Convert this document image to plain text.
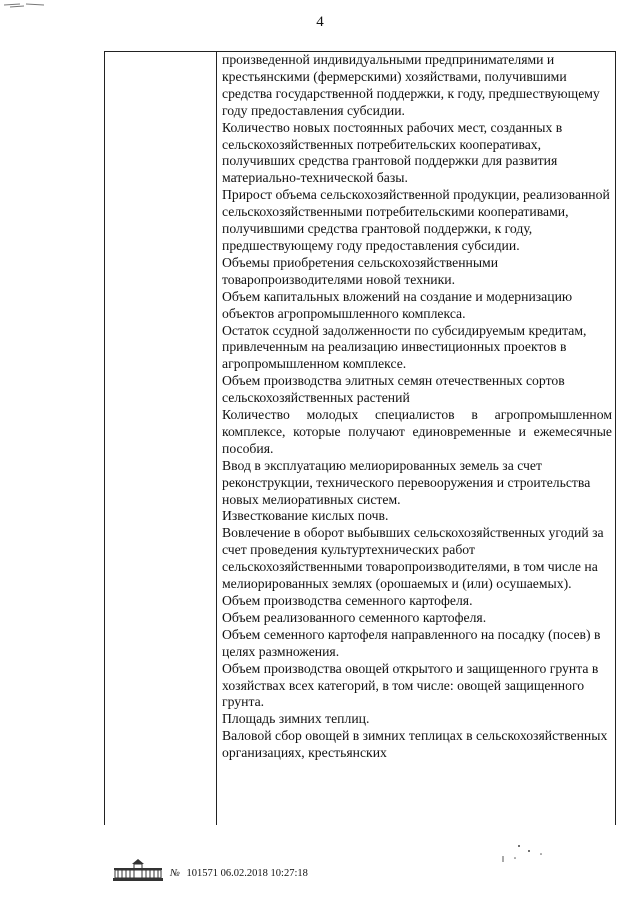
4

произведенной индивидуальными предпринимателями и крестьянскими (фермерскими) хозяйствами, получившими средства государственной поддержки, к году, предшествующему году предоставления субсидии.

Количество новых постоянных рабочих мест, созданных в сельскохозяйственных потребительских кооперативах, получивших средства грантовой поддержки для развития материально-технической базы.

Прирост объема сельскохозяйственной продукции, реализованной сельскохозяйственными потребительскими кооперативами, получившими средства грантовой поддержки, к году, предшествующему году предоставления субсидии.

Объемы приобретения сельскохозяйственными товаропроизводителями новой техники.

Объем капитальных вложений на создание и модернизацию объектов агропромышленного комплекса.

Остаток ссудной задолженности по субсидируемым кредитам, привлеченным на реализацию инвестиционных проектов в агропромышленном комплексе.

Объем производства элитных семян отечественных сортов сельскохозяйственных растений

Количество молодых специалистов в агропромышленном комплексе, которые получают единовременные и ежемесячные пособия.

Ввод в эксплуатацию мелиорированных земель за счет реконструкции, технического перевооружения и строительства новых мелиоративных систем.

Известкование кислых почв.

Вовлечение в оборот выбывших сельскохозяйственных угодий за счет проведения культуртехнических работ сельскохозяйственными товаропроизводителями, в том числе на мелиорированных землях (орошаемых и (или) осушаемых).

Объем производства семенного картофеля.

Объем реализованного семенного картофеля.

Объем семенного картофеля направленного на посадку (посев) в целях размножения.

Объем производства овощей открытого и защищенного грунта в хозяйствах всех категорий, в том числе: овощей защищенного грунта.

Площадь зимних теплиц.

Валовой сбор овощей в зимних теплицах в сельскохозяйственных организациях, крестьянских

№ 101571 06.02.2018 10:27:18
